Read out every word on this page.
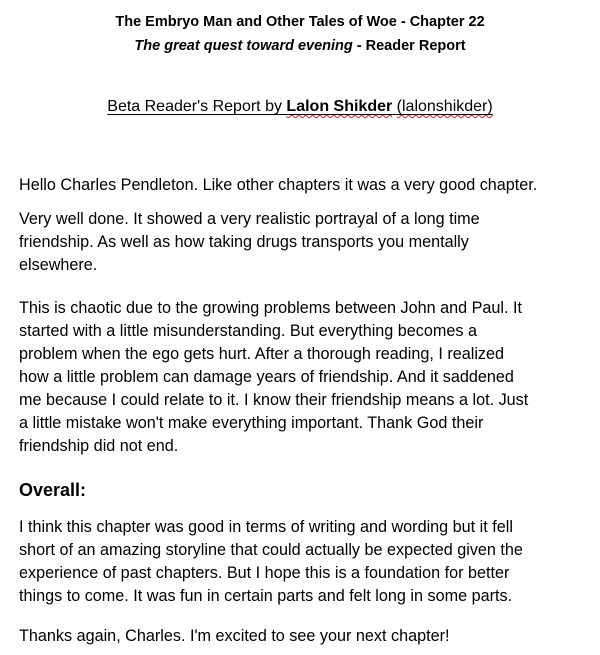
The Embryo Man and Other Tales of Woe - Chapter 22
The great quest toward evening - Reader Report
Beta Reader's Report by Lalon Shikder (lalonshikder)

Hello Charles Pendleton. Like other chapters it was a very good chapter.

Very well done. It showed a very realistic portrayal of a long time
friendship. As well as how taking drugs transports you mentally
elsewhere.

This is chaotic due to the growing problems between John and Paul. It
started with a little misunderstanding. But everything becomes a
problem when the ego gets hurt. After a thorough reading, I realized
how a little problem can damage years of friendship. And it saddened
me because I could relate to it. I know their friendship means a lot. Just
a little mistake won't make everything important. Thank God their
friendship did not end.

Overall:

I think this chapter was good in terms of writing and wording but it fell
short of an amazing storyline that could actually be expected given the
experience of past chapters. But I hope this is a foundation for better
things to come. It was fun in certain parts and felt long in some parts.

Thanks again, Charles. I'm excited to see your next chapter!
